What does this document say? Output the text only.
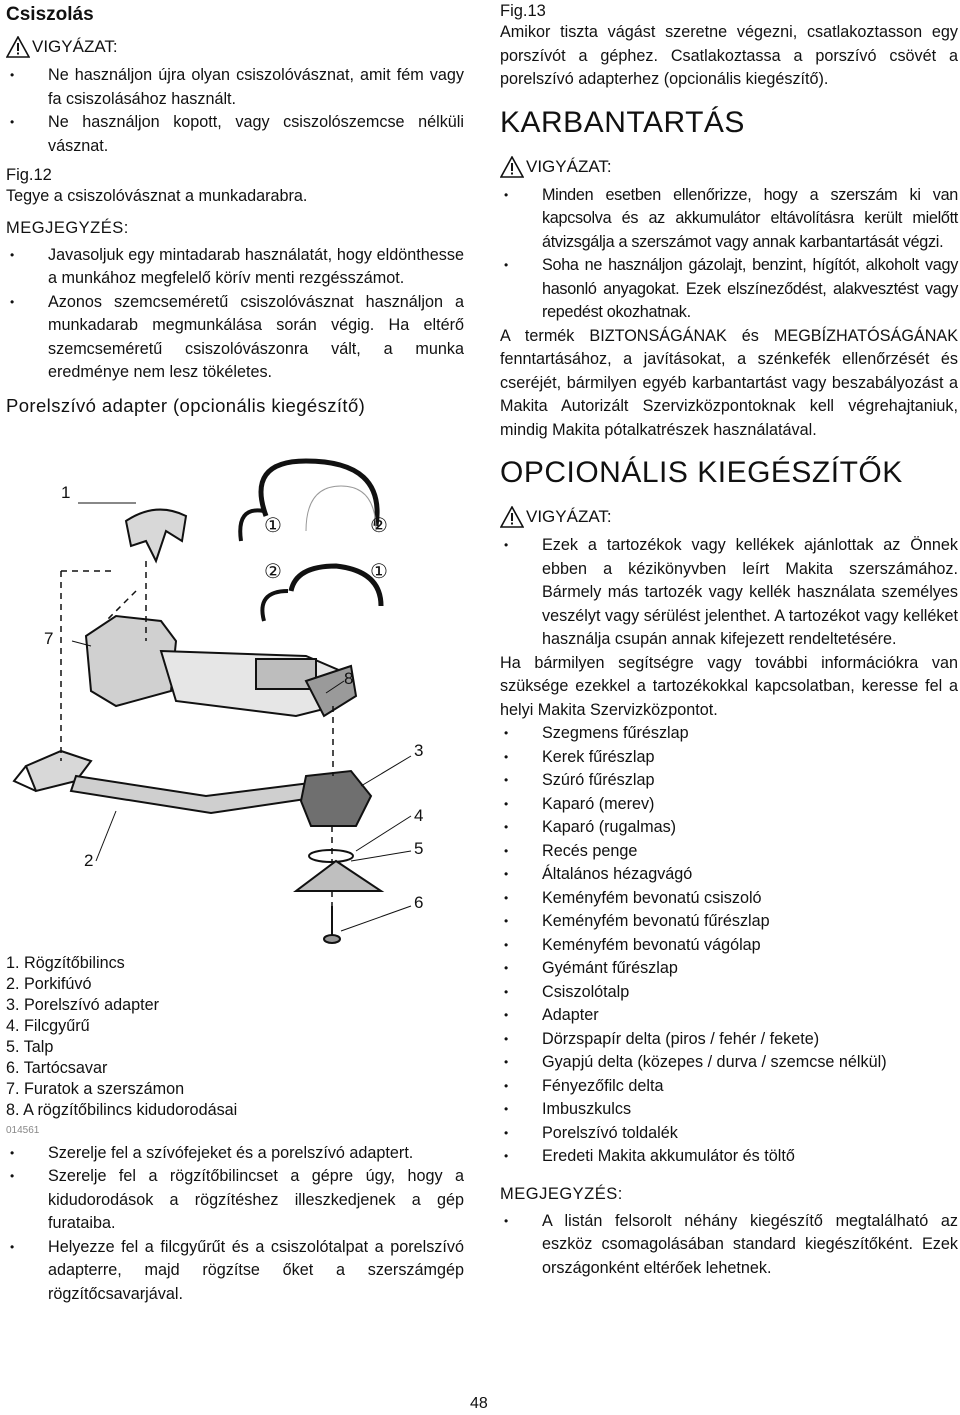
Csiszolás
VIGYÁZAT:
• Ne használjon újra olyan csiszolóvásznat, amit fém vagy fa csiszolásához használt.
• Ne használjon kopott, vagy csiszolószemcse nélküli vásznat.
Fig.12

Tegye a csiszolóvásznat a munkadarabra.

MEGJEGYZÉS:
• Javasoljuk egy mintadarab használatát, hogy eldönthesse a munkához megfelelő körív menti rezgésszámot.
• Azonos szemcseméretű csiszolóvásznat használjon a munkadarab megmunkálása során végig. Ha eltérő szemcseméretű csiszolóvászonra vált, a munka eredménye nem lesz tökéletes.
Porelszívó adapter (opcionális kiegészítő)
1
7
2
8
3
4
5
6
①	②
②	①
1. Rögzítőbilincs
2. Porkifúvó
3. Porelszívó adapter
4. Filcgyűrű
5. Talp
6. Tartócsavar
7. Furatok a szerszámon
8. A rögzítőbilincs kidudorodásai
014561
• Szerelje fel a szívófejeket és a porelszívó adaptert.
• Szerelje fel a rögzítőbilincset a gépre úgy, hogy a kidudorodások a rögzítéshez illeszkedjenek a gép furataiba.
• Helyezze fel a filcgyűrűt és a csiszolótalpat a porelszívó adapterre, majd rögzítse őket a szerszámgép rögzítőcsavarjával.
Fig.13

Amikor tiszta vágást szeretne végezni, csatlakoztasson egy porszívót a géphez. Csatlakoztassa a porszívó csövét a porelszívó adapterhez (opcionális kiegészítő).

KARBANTARTÁS
VIGYÁZAT:
• Minden esetben ellenőrizze, hogy a szerszám ki van kapcsolva és az akkumulátor eltávolításra került mielőtt átvizsgálja a szerszámot vagy annak karbantartását végzi.
• Soha ne használjon gázolajt, benzint, hígítót, alkoholt vagy hasonló anyagokat. Ezek elszíneződést, alakvesztést vagy repedést okozhatnak.

A termék BIZTONSÁGÁNAK és MEGBÍZHATÓSÁGÁNAK fenntartásához, a javításokat, a szénkefék ellenőrzését és cseréjét, bármilyen egyéb karbantartást vagy beszabályozást a Makita Autorizált Szervizközpontoknak kell végrehajtaniuk, mindig Makita pótalkatrészek használatával.

OPCIONÁLIS KIEGÉSZÍTŐK
VIGYÁZAT:
• Ezek a tartozékok vagy kellékek ajánlottak az Önnek ebben a kézikönyvben leírt Makita szerszámához. Bármely más tartozék vagy kellék használata személyes veszélyt vagy sérülést jelenthet. A tartozékot vagy kelléket használja csupán annak kifejezett rendeltetésére.

Ha bármilyen segítségre vagy további információkra van szüksége ezekkel a tartozékokkal kapcsolatban, keresse fel a helyi Makita Szervizközpontot.

• Szegmens fűrészlap
• Kerek fűrészlap
• Szúró fűrészlap
• Kaparó (merev)
• Kaparó (rugalmas)
• Recés penge
• Általános hézagvágó
• Keményfém bevonatú csiszoló
• Keményfém bevonatú fűrészlap
• Keményfém bevonatú vágólap
• Gyémánt fűrészlap
• Csiszolótalp
• Adapter
• Dörzspapír delta (piros / fehér / fekete)
• Gyapjú delta (közepes / durva / szemcse nélkül)
• Fényezőfilc delta
• Imbuszkulcs
• Porelszívó toldalék
• Eredeti Makita akkumulátor és töltő
MEGJEGYZÉS:
• A listán felsorolt néhány kiegészítő megtalálható az eszköz csomagolásában standard kiegészítőként. Ezek országonként eltérőek lehetnek.
48
